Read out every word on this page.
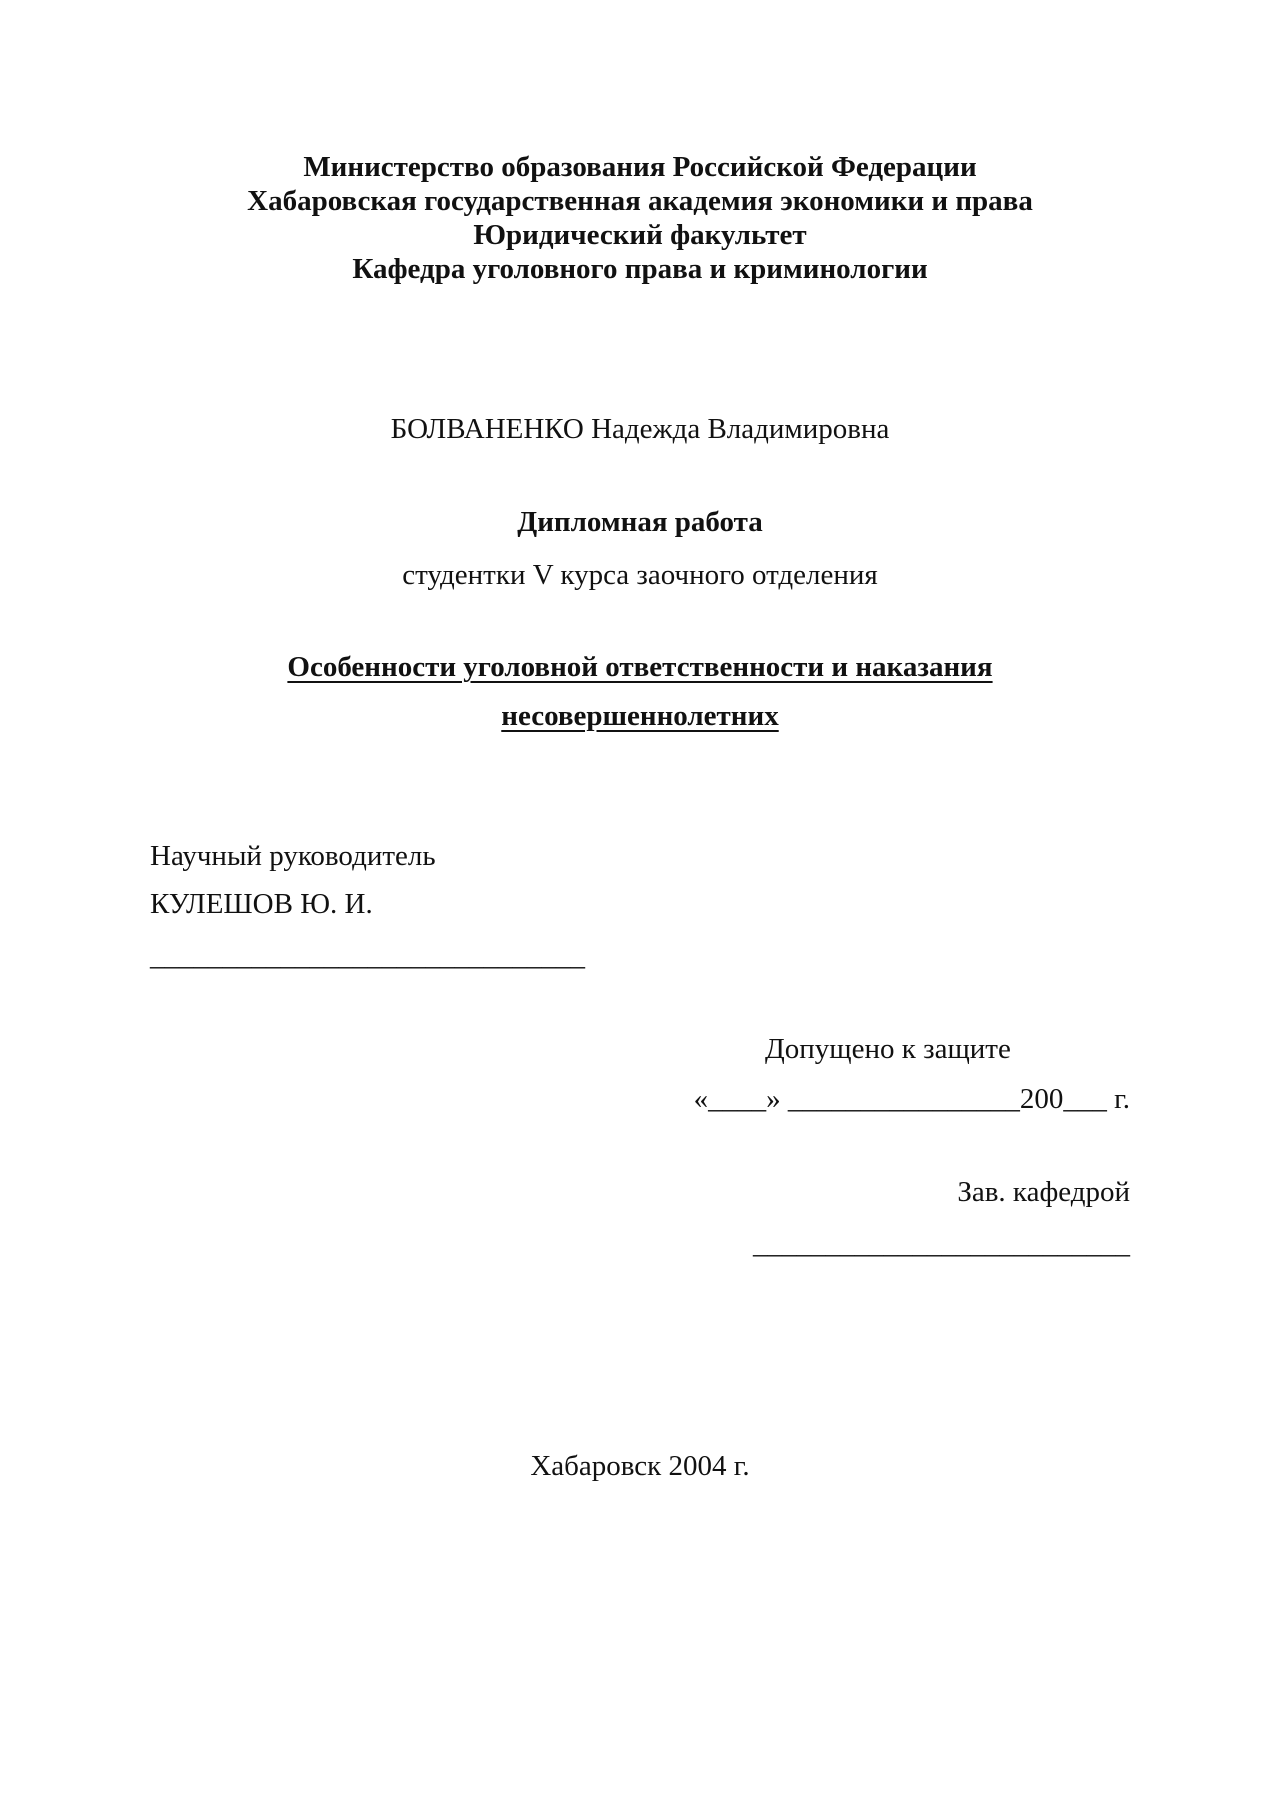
Министерство образования Российской Федерации
Хабаровская государственная академия экономики и права
Юридический факультет
Кафедра уголовного права и криминологии
БОЛВАНЕНКО Надежда Владимировна
Дипломная работа
студентки V курса заочного отделения
Особенности уголовной ответственности и наказания
несовершеннолетних
Научный руководитель
КУЛЕШОВ Ю. И.
______________________________
Допущено к защите
«____» ________________200___ г.
Зав. кафедрой
__________________________
Хабаровск 2004 г.
